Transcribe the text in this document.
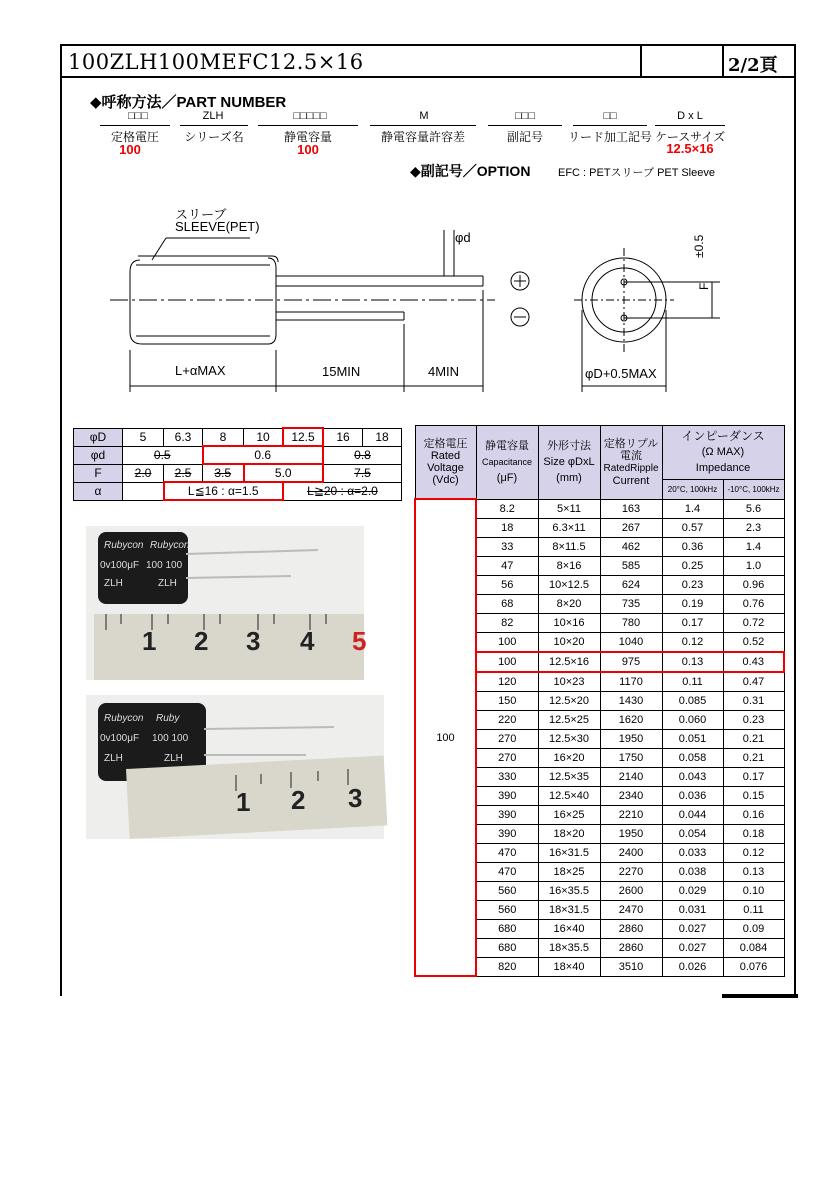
100ZLH100MEFC12.5×16	2/2頁
◆呼称方法／PART NUMBER
□□□	ZLH	□□□□□	M	□□□	□□	D x L
定格電圧	シリーズ名	静電容量	静電容量許容差	副記号	リード加工記号 ケースサイズ
100	100	12.5×16
◆副記号／OPTION	EFC : PETスリーブ PET Sleeve
スリーブ
SLEEVE(PET)
φd
L+αMAX	15MIN	4MIN	φD+0.5MAX
±0.5
F
φD	5	6.3	8	10	12.5	16	18
φd	0.5		0.6			0.8	
F	2.0	2.5	3.5	5.0		7.5	
α		L≦16 : α=1.5			L≧20 : α=2.0		
Rubycon Rubycon
0v100μF 100 100
ZLH	ZLH
1 2 3 4 5
Rubycon Ruby
0v100μF 100 100
ZLH	ZLH
1 2 3
定格電圧
Rated
Voltage
(Vdc)	静電容量
Capacitance
(μF)	外形寸法
Size φDxL
(mm)	定格リプル
電流
RatedRipple
Current	インピーダンス
(Ω MAX)
Impedance	
				20°C, 100kHz	-10°C, 100kHz
100	8.2	5×11	163	1.4	5.6
	18	6.3×11	267	0.57	2.3
	33	8×11.5	462	0.36	1.4
	47	8×16	585	0.25	1.0
	56	10×12.5	624	0.23	0.96
	68	8×20	735	0.19	0.76
	82	10×16	780	0.17	0.72
	100	10×20	1040	0.12	0.52
	100	12.5×16	975	0.13	0.43
	120	10×23	1170	0.11	0.47
	150	12.5×20	1430	0.085	0.31
	220	12.5×25	1620	0.060	0.23
	270	12.5×30	1950	0.051	0.21
	270	16×20	1750	0.058	0.21
	330	12.5×35	2140	0.043	0.17
	390	12.5×40	2340	0.036	0.15
	390	16×25	2210	0.044	0.16
	390	18×20	1950	0.054	0.18
	470	16×31.5	2400	0.033	0.12
	470	18×25	2270	0.038	0.13
	560	16×35.5	2600	0.029	0.10
	560	18×31.5	2470	0.031	0.11
	680	16×40	2860	0.027	0.09
	680	18×35.5	2860	0.027	0.084
	820	18×40	3510	0.026	0.076
